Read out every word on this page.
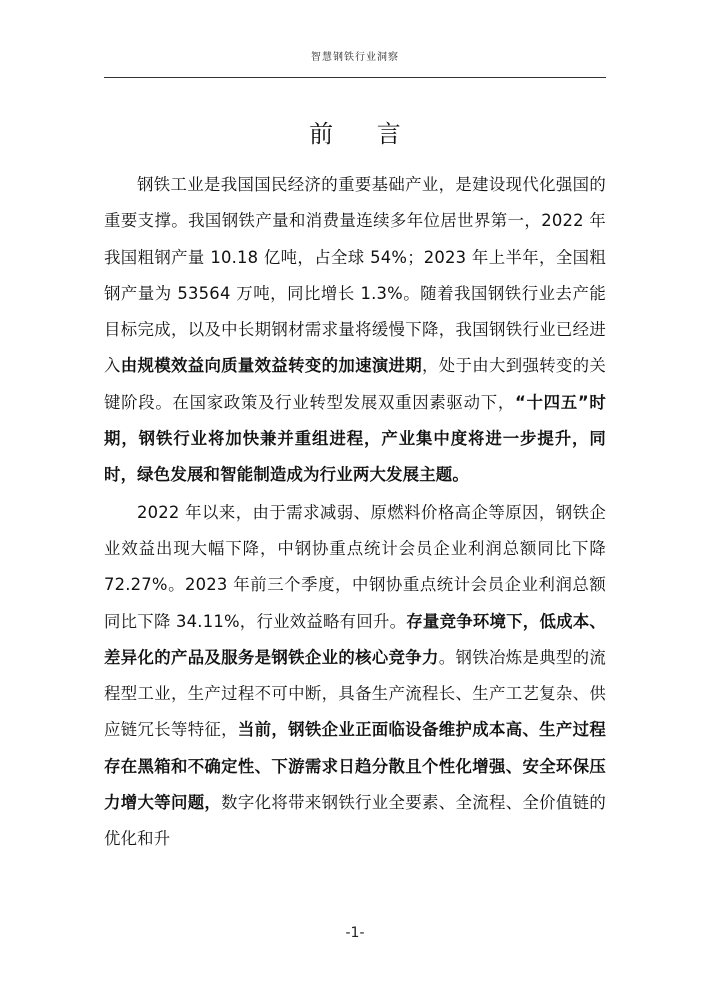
智慧钢铁行业洞察
前 言

钢铁工业是我国国民经济的重要基础产业，是建设现代化强国的重要支撑。我国钢铁产量和消费量连续多年位居世界第一，2022 年我国粗钢产量 10.18 亿吨，占全球 54%；2023 年上半年，全国粗钢产量为 53564 万吨，同比增长 1.3%。随着我国钢铁行业去产能目标完成，以及中长期钢材需求量将缓慢下降，我国钢铁行业已经进入由规模效益向质量效益转变的加速演进期，处于由大到强转变的关键阶段。在国家政策及行业转型发展双重因素驱动下，“十四五”时期，钢铁行业将加快兼并重组进程，产业集中度将进一步提升，同时，绿色发展和智能制造成为行业两大发展主题。

2022 年以来，由于需求减弱、原燃料价格高企等原因，钢铁企业效益出现大幅下降，中钢协重点统计会员企业利润总额同比下降 72.27%。2023 年前三个季度，中钢协重点统计会员企业利润总额同比下降 34.11%，行业效益略有回升。存量竞争环境下，低成本、差异化的产品及服务是钢铁企业的核心竞争力。钢铁冶炼是典型的流程型工业，生产过程不可中断，具备生产流程长、生产工艺复杂、供应链冗长等特征，当前，钢铁企业正面临设备维护成本高、生产过程存在黑箱和不确定性、下游需求日趋分散且个性化增强、安全环保压力增大等问题，数字化将带来钢铁行业全要素、全流程、全价值链的优化和升

-1-
